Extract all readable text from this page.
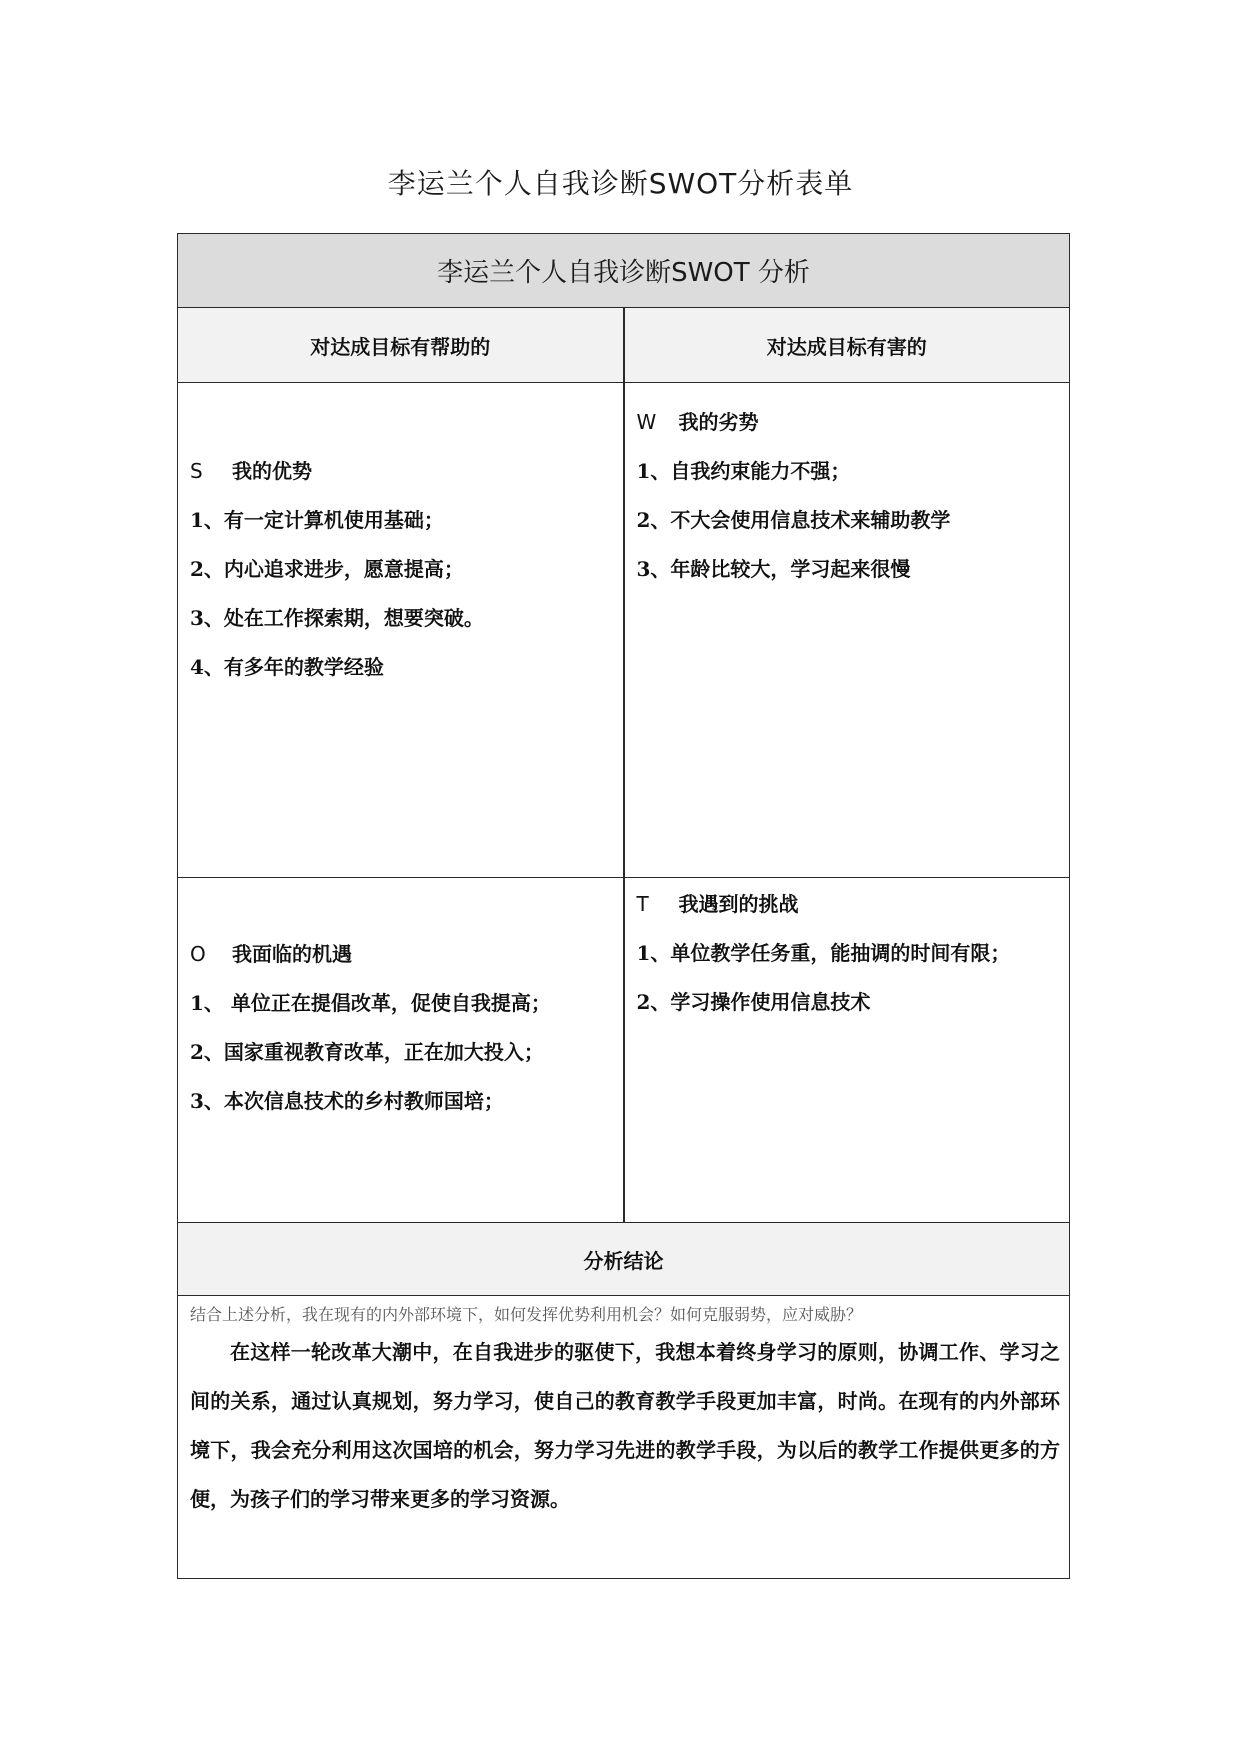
李运兰个人自我诊断SWOT分析表单
李运兰个人自我诊断SWOT 分析
对达成目标有帮助的	对达成目标有害的
S 我的优势
1、有一定计算机使用基础；
2、内心追求进步，愿意提高；
3、处在工作探索期，想要突破。
4、有多年的教学经验
W 我的劣势
1、自我约束能力不强；
2、不大会使用信息技术来辅助教学
3、年龄比较大，学习起来很慢
O 我面临的机遇
1、 单位正在提倡改革，促使自我提高；
2、国家重视教育改革，正在加大投入；
3、本次信息技术的乡村教师国培；
T 我遇到的挑战
1、单位教学任务重，能抽调的时间有限；
2、学习操作使用信息技术
分析结论
结合上述分析，我在现有的内外部环境下，如何发挥优势利用机会？如何克服弱势，应对威胁？
在这样一轮改革大潮中，在自我进步的驱使下，我想本着终身学习的原则，协调工作、学习之间的关系，通过认真规划，努力学习，使自己的教育教学手段更加丰富，时尚。在现有的内外部环境下，我会充分利用这次国培的机会，努力学习先进的教学手段，为以后的教学工作提供更多的方便，为孩子们的学习带来更多的学习资源。
